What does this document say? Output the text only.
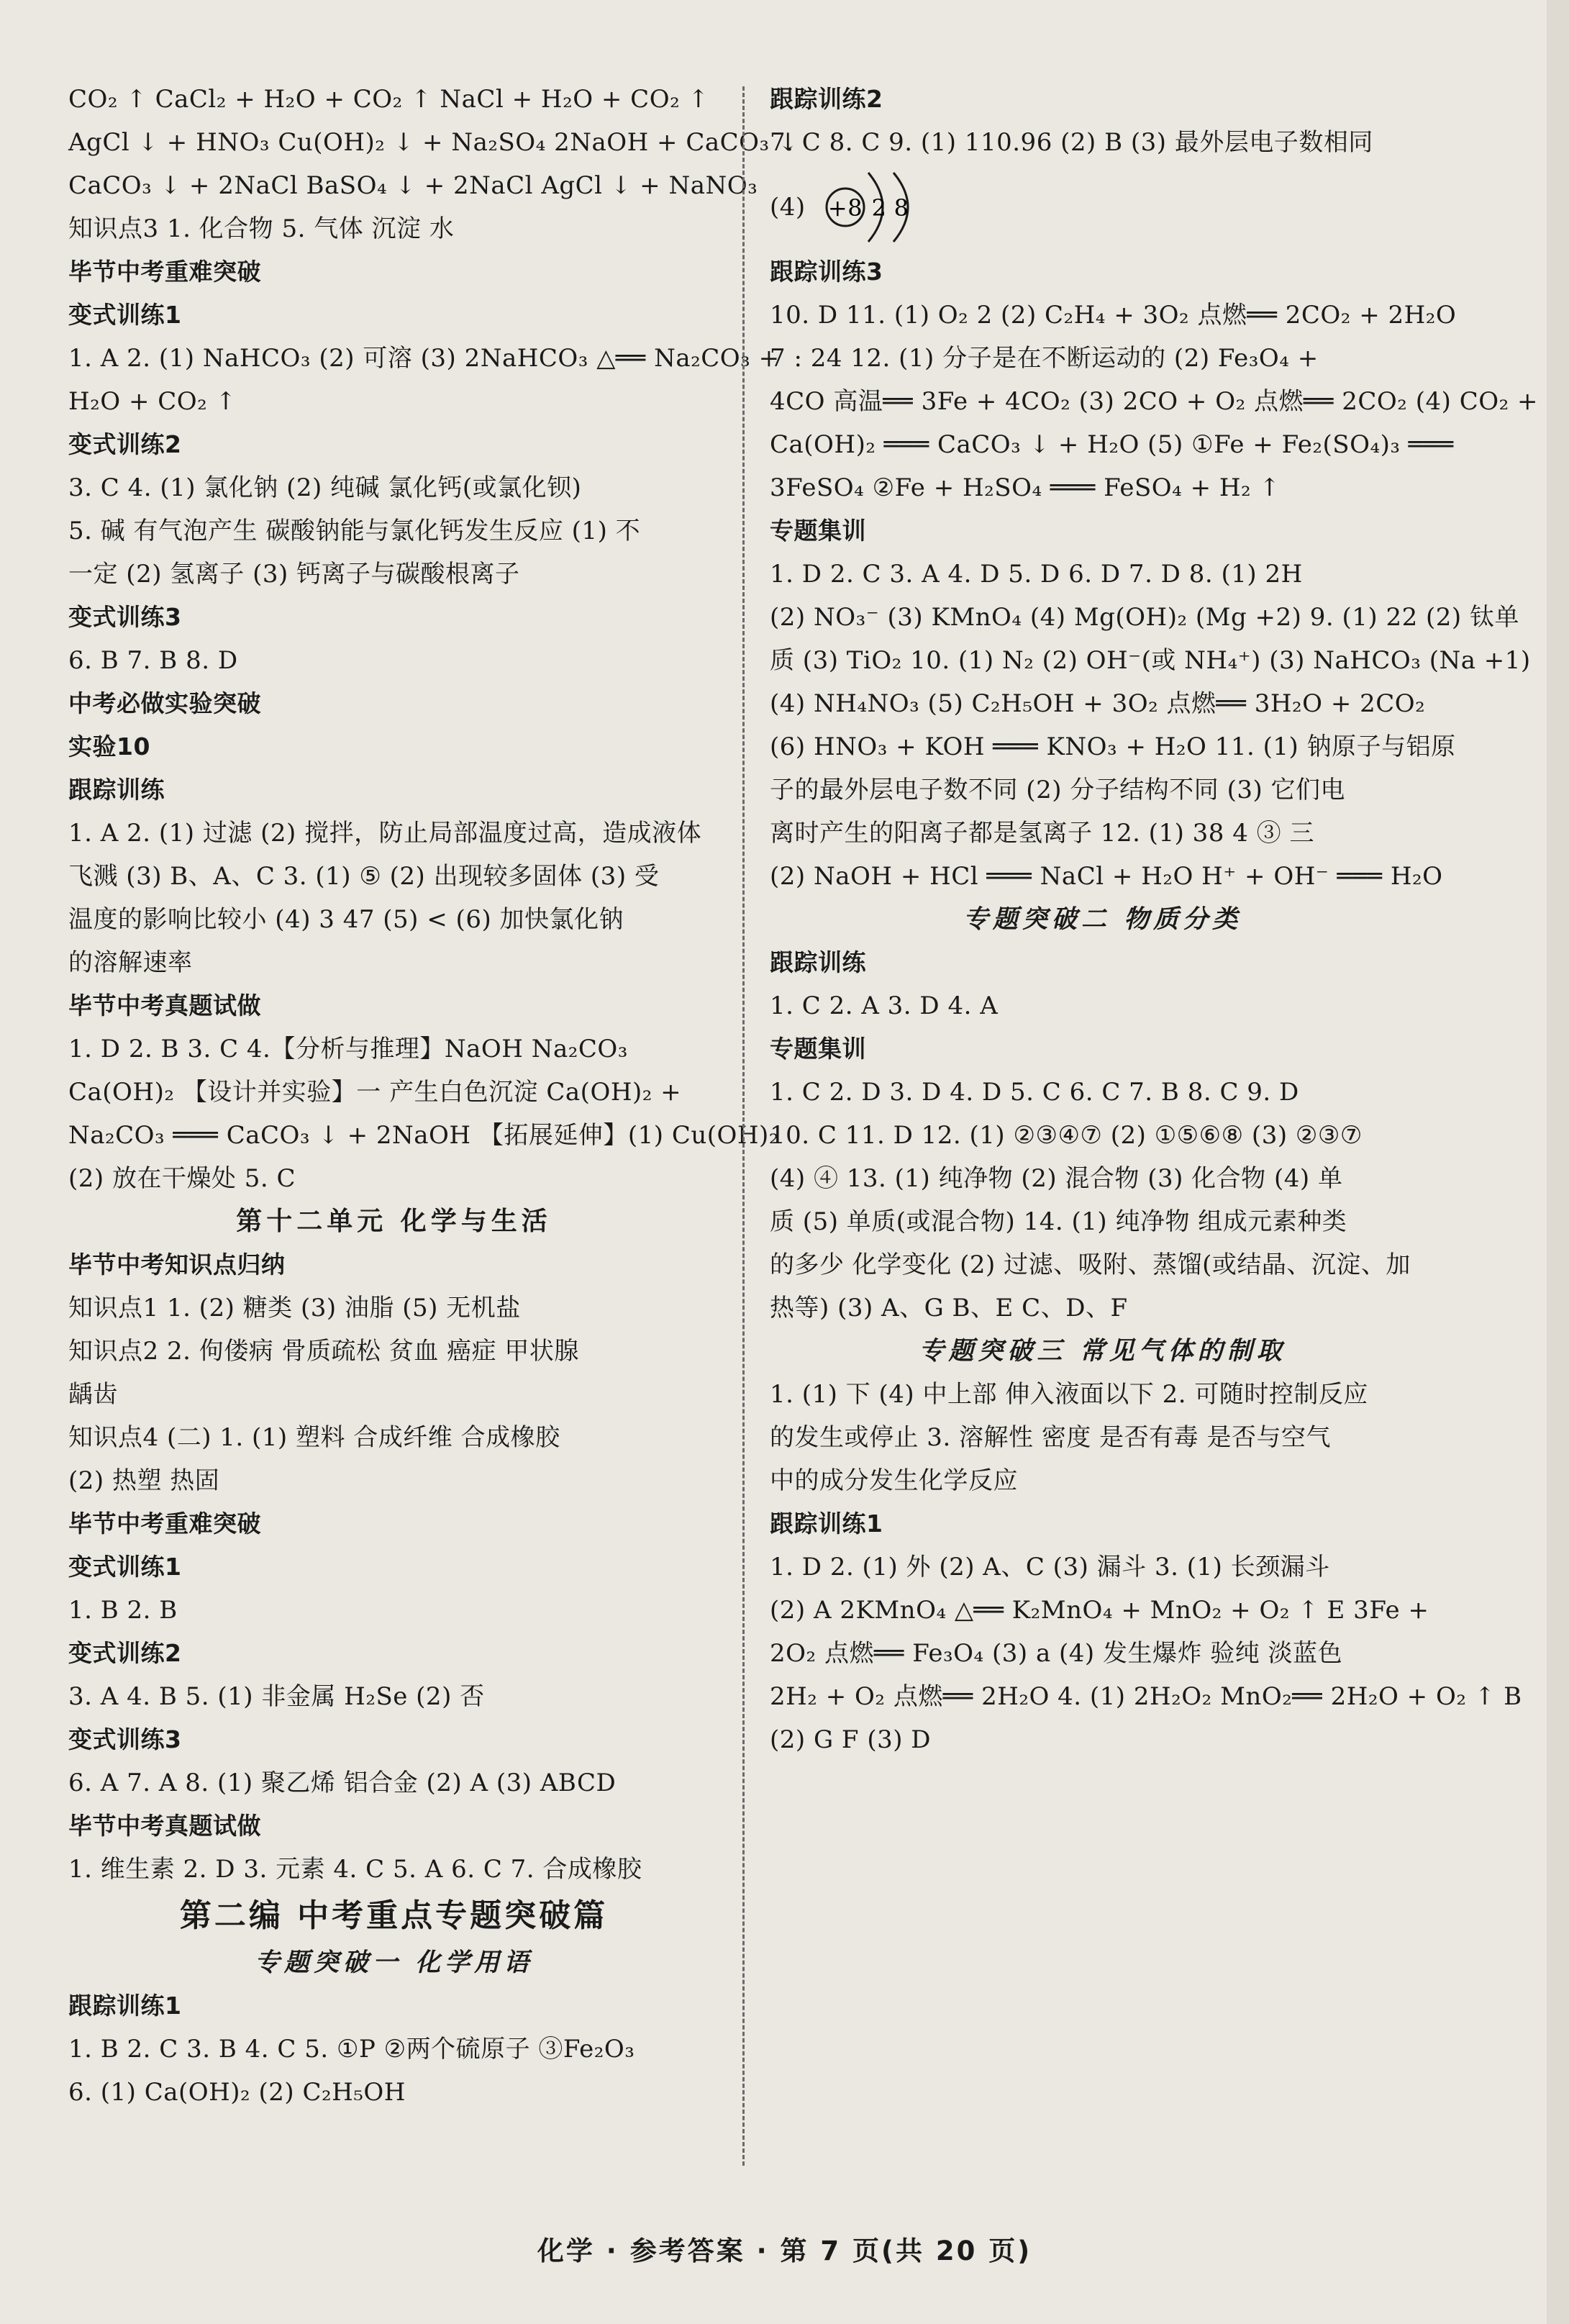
CO₂ ↑ CaCl₂ + H₂O + CO₂ ↑ NaCl + H₂O + CO₂ ↑
AgCl ↓ + HNO₃ Cu(OH)₂ ↓ + Na₂SO₄ 2NaOH + CaCO₃ ↓
CaCO₃ ↓ + 2NaCl BaSO₄ ↓ + 2NaCl AgCl ↓ + NaNO₃
知识点3 1. 化合物 5. 气体 沉淀 水
毕节中考重难突破
变式训练1
1. A 2. (1) NaHCO₃ (2) 可溶 (3) 2NaHCO₃ △══ Na₂CO₃ +
H₂O + CO₂ ↑
变式训练2
3. C 4. (1) 氯化钠 (2) 纯碱 氯化钙(或氯化钡)
5. 碱 有气泡产生 碳酸钠能与氯化钙发生反应 (1) 不
一定 (2) 氢离子 (3) 钙离子与碳酸根离子
变式训练3
6. B 7. B 8. D
中考必做实验突破
实验10
跟踪训练
1. A 2. (1) 过滤 (2) 搅拌，防止局部温度过高，造成液体
飞溅 (3) B、A、C 3. (1) ⑤ (2) 出现较多固体 (3) 受
温度的影响比较小 (4) 3 47 (5) < (6) 加快氯化钠
的溶解速率
毕节中考真题试做
1. D 2. B 3. C 4.【分析与推理】NaOH Na₂CO₃
Ca(OH)₂ 【设计并实验】一 产生白色沉淀 Ca(OH)₂ +
Na₂CO₃ ═══ CaCO₃ ↓ + 2NaOH 【拓展延伸】(1) Cu(OH)₂
(2) 放在干燥处 5. C
第十二单元 化学与生活
毕节中考知识点归纳
知识点1 1. (2) 糖类 (3) 油脂 (5) 无机盐
知识点2 2. 佝偻病 骨质疏松 贫血 癌症 甲状腺
龋齿
知识点4 (二) 1. (1) 塑料 合成纤维 合成橡胶
(2) 热塑 热固
毕节中考重难突破
变式训练1
1. B 2. B
变式训练2
3. A 4. B 5. (1) 非金属 H₂Se (2) 否
变式训练3
6. A 7. A 8. (1) 聚乙烯 铝合金 (2) A (3) ABCD
毕节中考真题试做
1. 维生素 2. D 3. 元素 4. C 5. A 6. C 7. 合成橡胶
第二编 中考重点专题突破篇
专题突破一 化学用语
跟踪训练1
1. B 2. C 3. B 4. C 5. ①P ②两个硫原子 ③Fe₂O₃
6. (1) Ca(OH)₂ (2) C₂H₅OH
跟踪训练2
7. C 8. C 9. (1) 110.96 (2) B (3) 最外层电子数相同
(4) +8 2 8
跟踪训练3
10. D 11. (1) O₂ 2 (2) C₂H₄ + 3O₂ 点燃══ 2CO₂ + 2H₂O
7 : 24 12. (1) 分子是在不断运动的 (2) Fe₃O₄ +
4CO 高温══ 3Fe + 4CO₂ (3) 2CO + O₂ 点燃══ 2CO₂ (4) CO₂ +
Ca(OH)₂ ═══ CaCO₃ ↓ + H₂O (5) ①Fe + Fe₂(SO₄)₃ ═══
3FeSO₄ ②Fe + H₂SO₄ ═══ FeSO₄ + H₂ ↑
专题集训
1. D 2. C 3. A 4. D 5. D 6. D 7. D 8. (1) 2H
(2) NO₃⁻ (3) KMnO₄ (4) Mg(OH)₂ (Mg +2) 9. (1) 22 (2) 钛单
质 (3) TiO₂ 10. (1) N₂ (2) OH⁻(或 NH₄⁺) (3) NaHCO₃ (Na +1)
(4) NH₄NO₃ (5) C₂H₅OH + 3O₂ 点燃══ 3H₂O + 2CO₂
(6) HNO₃ + KOH ═══ KNO₃ + H₂O 11. (1) 钠原子与铝原
子的最外层电子数不同 (2) 分子结构不同 (3) 它们电
离时产生的阳离子都是氢离子 12. (1) 38 4 ③ 三
(2) NaOH + HCl ═══ NaCl + H₂O H⁺ + OH⁻ ═══ H₂O
专题突破二 物质分类
跟踪训练
1. C 2. A 3. D 4. A
专题集训
1. C 2. D 3. D 4. D 5. C 6. C 7. B 8. C 9. D
10. C 11. D 12. (1) ②③④⑦ (2) ①⑤⑥⑧ (3) ②③⑦
(4) ④ 13. (1) 纯净物 (2) 混合物 (3) 化合物 (4) 单
质 (5) 单质(或混合物) 14. (1) 纯净物 组成元素种类
的多少 化学变化 (2) 过滤、吸附、蒸馏(或结晶、沉淀、加
热等) (3) A、G B、E C、D、F
专题突破三 常见气体的制取
1. (1) 下 (4) 中上部 伸入液面以下 2. 可随时控制反应
的发生或停止 3. 溶解性 密度 是否有毒 是否与空气
中的成分发生化学反应
跟踪训练1
1. D 2. (1) 外 (2) A、C (3) 漏斗 3. (1) 长颈漏斗
(2) A 2KMnO₄ △══ K₂MnO₄ + MnO₂ + O₂ ↑ E 3Fe +
2O₂ 点燃══ Fe₃O₄ (3) a (4) 发生爆炸 验纯 淡蓝色
2H₂ + O₂ 点燃══ 2H₂O 4. (1) 2H₂O₂ MnO₂══ 2H₂O + O₂ ↑ B
(2) G F (3) D
化学 · 参考答案 · 第 7 页(共 20 页)
